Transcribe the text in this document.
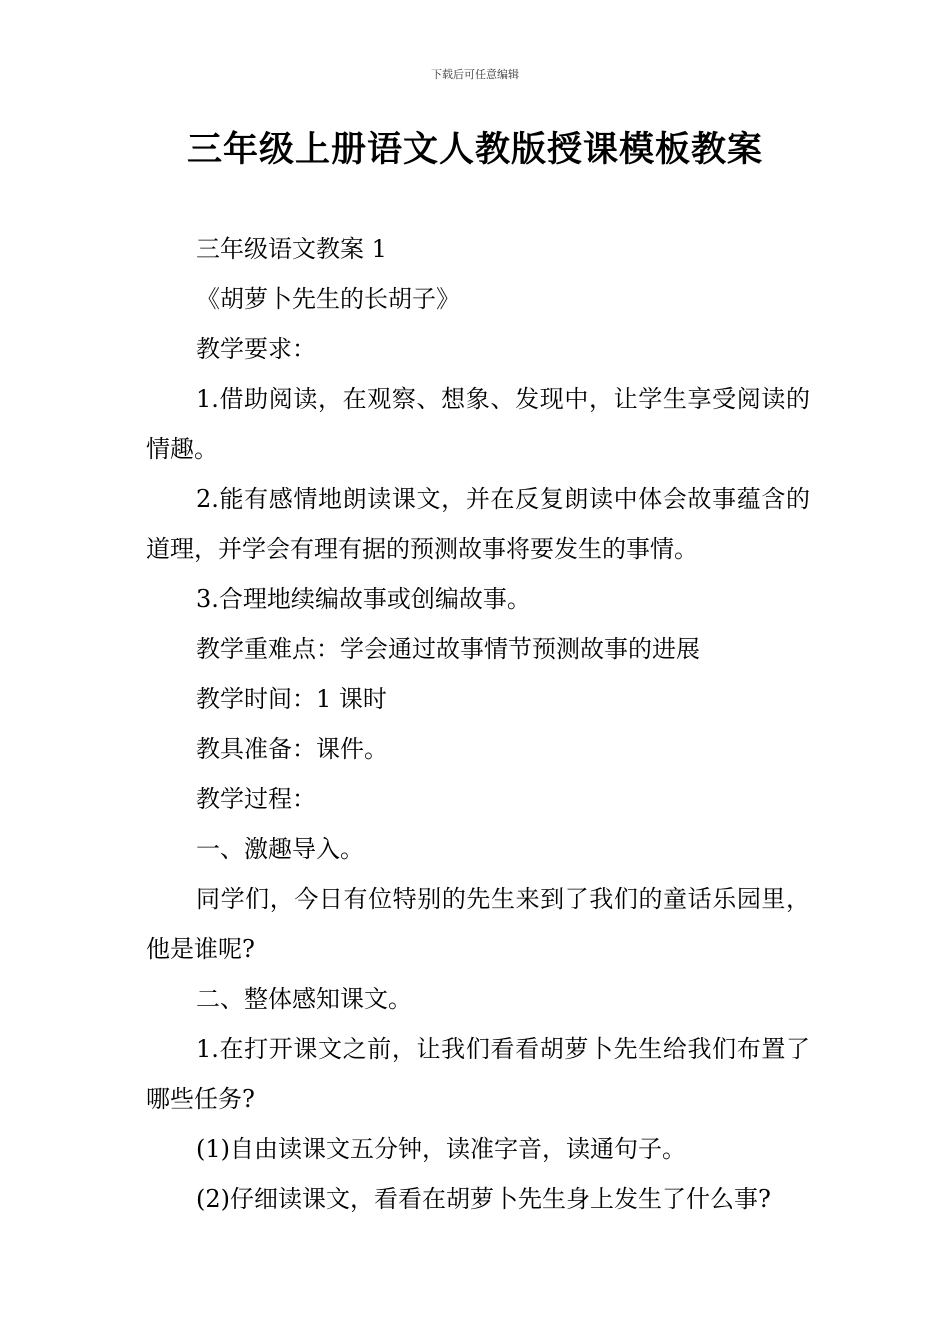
下载后可任意编辑
三年级上册语文人教版授课模板教案

三年级语文教案 1

《胡萝卜先生的长胡子》

教学要求：

1.借助阅读，在观察、想象、发现中，让学生享受阅读的情趣。

2.能有感情地朗读课文，并在反复朗读中体会故事蕴含的道理，并学会有理有据的预测故事将要发生的事情。

3.合理地续编故事或创编故事。

教学重难点：学会通过故事情节预测故事的进展

教学时间：1 课时

教具准备：课件。

教学过程：

一、激趣导入。

同学们，今日有位特别的先生来到了我们的童话乐园里，他是谁呢?

二、整体感知课文。

1.在打开课文之前，让我们看看胡萝卜先生给我们布置了哪些任务?

(1)自由读课文五分钟，读准字音，读通句子。

(2)仔细读课文，看看在胡萝卜先生身上发生了什么事?
